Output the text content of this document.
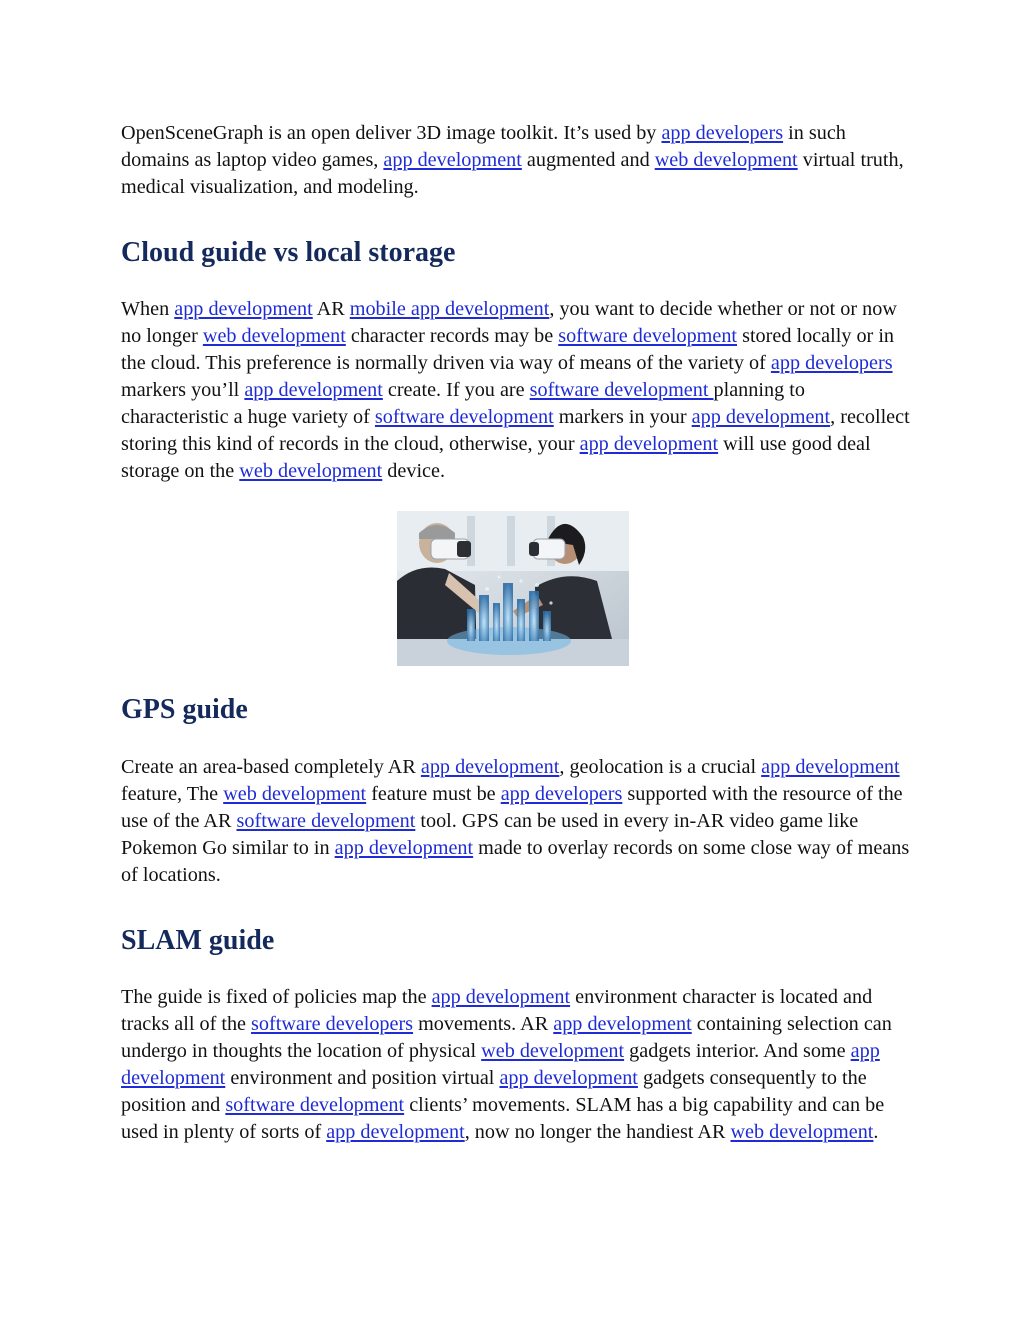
OpenSceneGraph is an open deliver 3D image toolkit. It’s used by app developers in such domains as laptop video games, app development augmented and web development virtual truth, medical visualization, and modeling.

Cloud guide vs local storage

When app development AR mobile app development, you want to decide whether or not or now no longer web development character records may be software development stored locally or in the cloud. This preference is normally driven via way of means of the variety of app developers markers you’ll app development create. If you are software development planning to characteristic a huge variety of software development markers in your app development, recollect storing this kind of records in the cloud, otherwise, your app development will use good deal storage on the web development device.

GPS guide

Create an area-based completely AR app development, geolocation is a crucial app development feature, The web development feature must be app developers supported with the resource of the use of the AR software development tool. GPS can be used in every in-AR video game like Pokemon Go similar to in app development made to overlay records on some close way of means of locations.

SLAM guide

The guide is fixed of policies map the app development environment character is located and tracks all of the software developers movements. AR app development containing selection can undergo in thoughts the location of physical web development gadgets interior. And some app development environment and position virtual app development gadgets consequently to the position and software development clients’ movements. SLAM has a big capability and can be used in plenty of sorts of app development, now no longer the handiest AR web development.
